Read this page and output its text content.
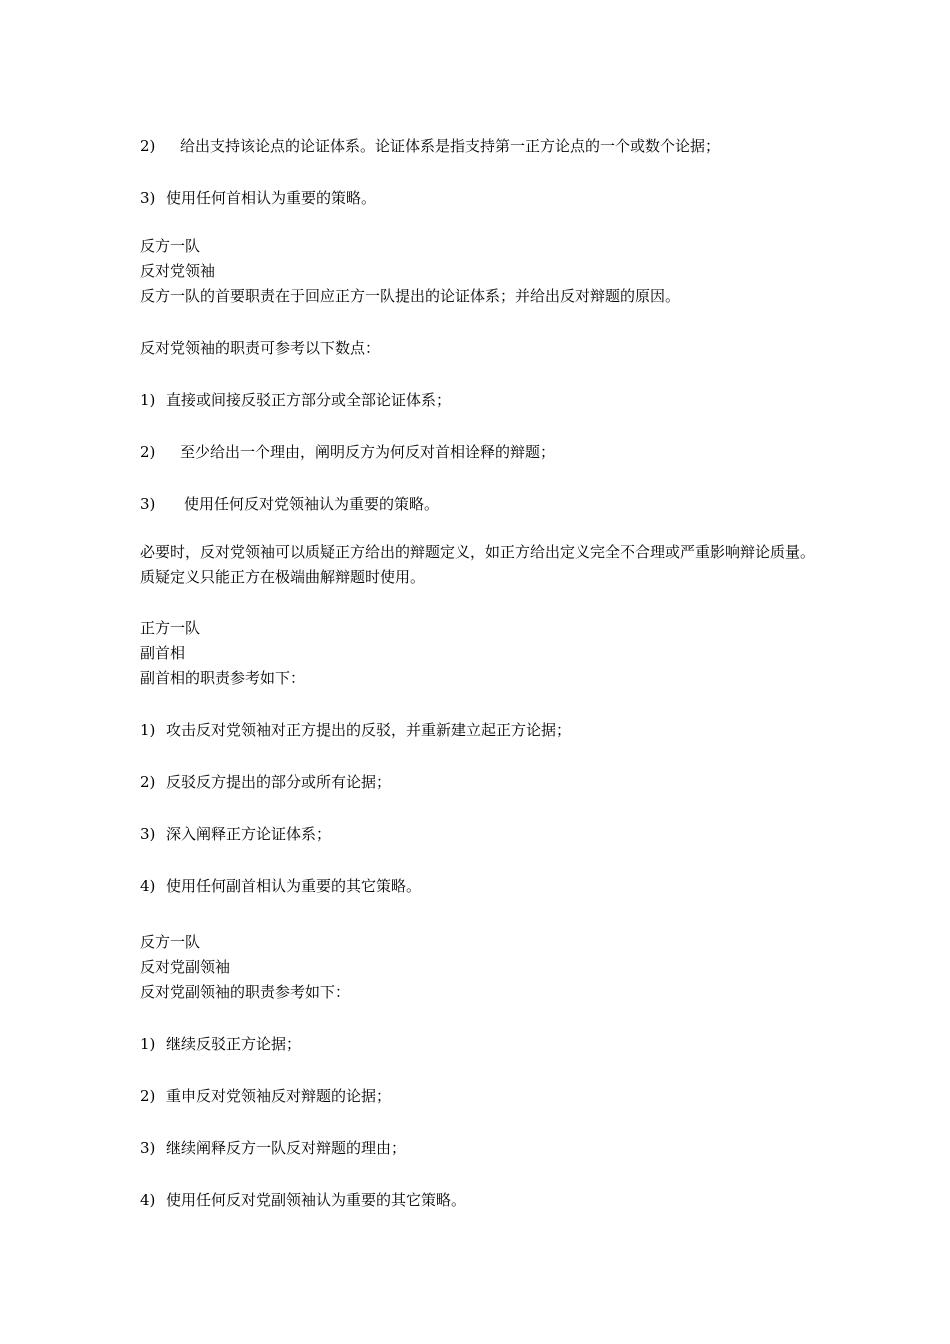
2) 给出支持该论点的论证体系。论证体系是指支持第一正方论点的一个或数个论据；
3) 使用任何首相认为重要的策略。
反方一队
反对党领袖
反方一队的首要职责在于回应正方一队提出的论证体系；并给出反对辩题的原因。
反对党领袖的职责可参考以下数点：
1) 直接或间接反驳正方部分或全部论证体系；
2) 至少给出一个理由，阐明反方为何反对首相诠释的辩题；
3) 使用任何反对党领袖认为重要的策略。
必要时，反对党领袖可以质疑正方给出的辩题定义，如正方给出定义完全不合理或严重影响辩论质量。质疑定义只能正方在极端曲解辩题时使用。
正方一队
副首相
副首相的职责参考如下：
1) 攻击反对党领袖对正方提出的反驳，并重新建立起正方论据；
2) 反驳反方提出的部分或所有论据；
3) 深入阐释正方论证体系；
4) 使用任何副首相认为重要的其它策略。
反方一队
反对党副领袖
反对党副领袖的职责参考如下：
1) 继续反驳正方论据；
2) 重申反对党领袖反对辩题的论据；
3) 继续阐释反方一队反对辩题的理由；
4) 使用任何反对党副领袖认为重要的其它策略。
